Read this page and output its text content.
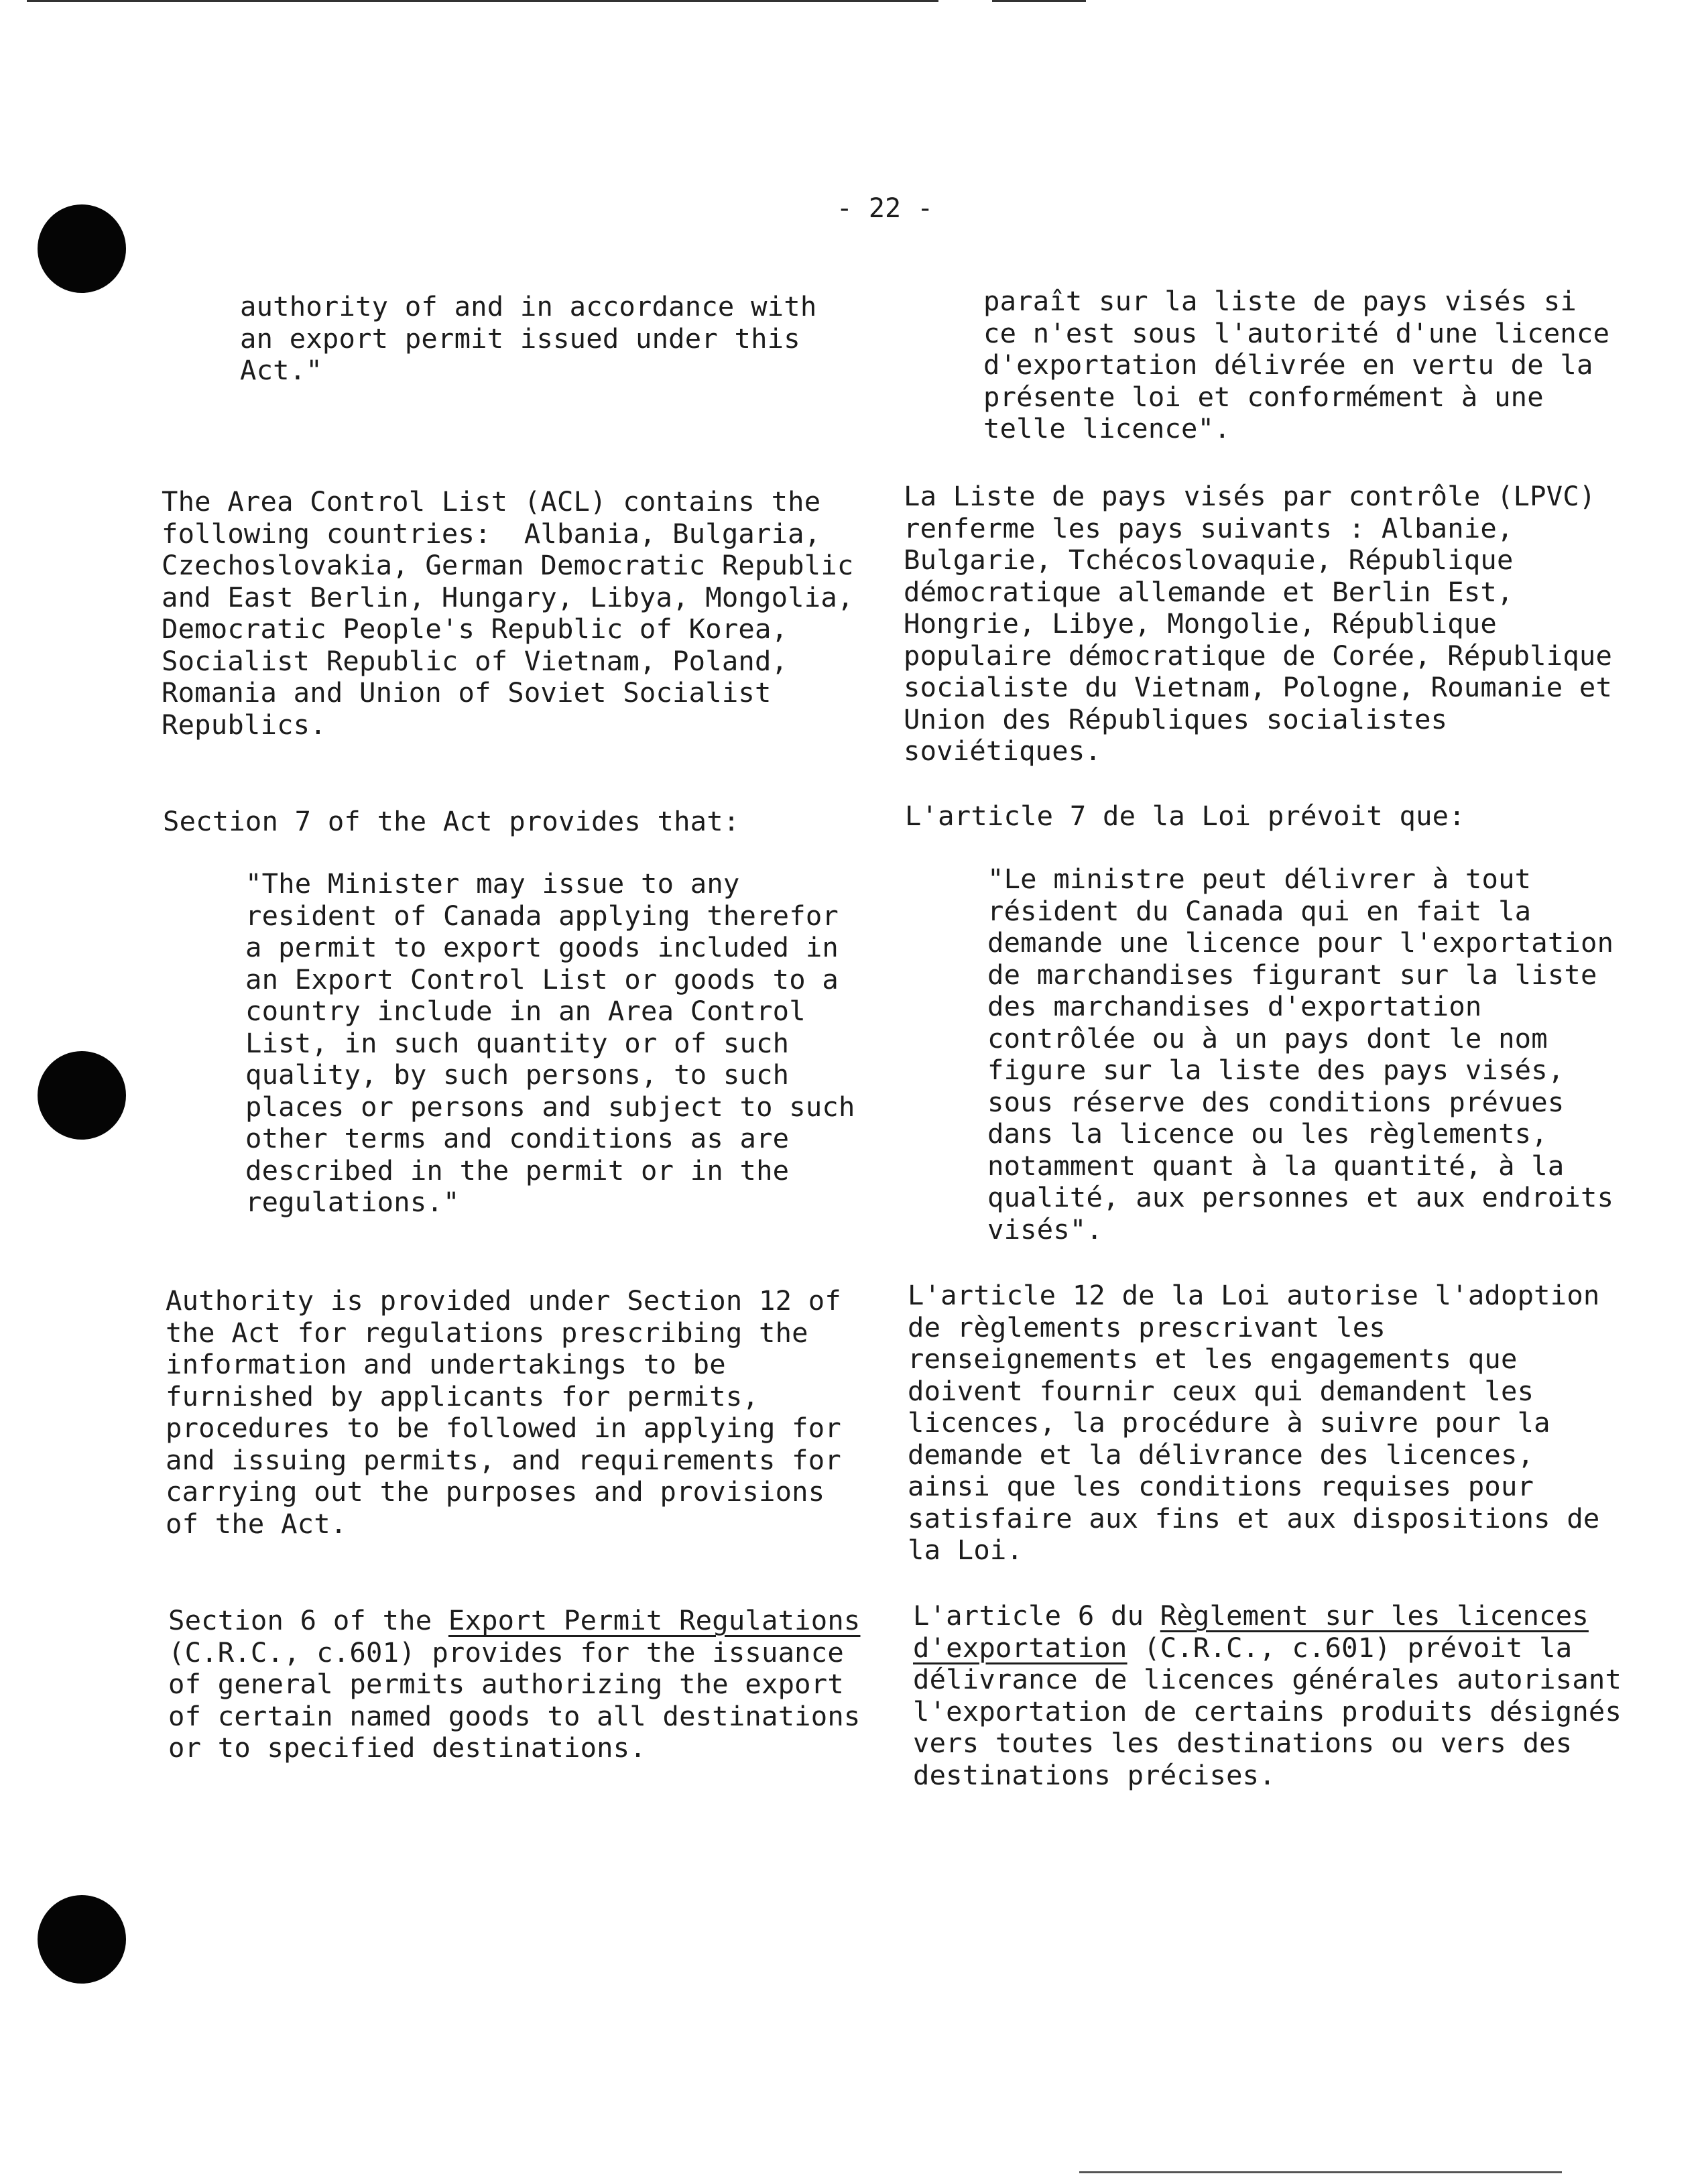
- 22 -

authority of and in accordance with
an export permit issued under this
Act."

The Area Control List (ACL) contains the
following countries:  Albania, Bulgaria,
Czechoslovakia, German Democratic Republic
and East Berlin, Hungary, Libya, Mongolia,
Democratic People's Republic of Korea,
Socialist Republic of Vietnam, Poland,
Romania and Union of Soviet Socialist
Republics.

Section 7 of the Act provides that:

"The Minister may issue to any
resident of Canada applying therefor
a permit to export goods included in
an Export Control List or goods to a
country include in an Area Control
List, in such quantity or of such
quality, by such persons, to such
places or persons and subject to such
other terms and conditions as are
described in the permit or in the
regulations."

Authority is provided under Section 12 of
the Act for regulations prescribing the
information and undertakings to be
furnished by applicants for permits,
procedures to be followed in applying for
and issuing permits, and requirements for
carrying out the purposes and provisions
of the Act.

Section 6 of the Export Permit Regulations
(C.R.C., c.601) provides for the issuance
of general permits authorizing the export
of certain named goods to all destinations
or to specified destinations.

paraît sur la liste de pays visés si
ce n'est sous l'autorité d'une licence
d'exportation délivrée en vertu de la
présente loi et conformément à une
telle licence".

La Liste de pays visés par contrôle (LPVC)
renferme les pays suivants : Albanie,
Bulgarie, Tchécoslovaquie, République
démocratique allemande et Berlin Est,
Hongrie, Libye, Mongolie, République
populaire démocratique de Corée, République
socialiste du Vietnam, Pologne, Roumanie et
Union des Républiques socialistes
soviétiques.

L'article 7 de la Loi prévoit que:

"Le ministre peut délivrer à tout
résident du Canada qui en fait la
demande une licence pour l'exportation
de marchandises figurant sur la liste
des marchandises d'exportation
contrôlée ou à un pays dont le nom
figure sur la liste des pays visés,
sous réserve des conditions prévues
dans la licence ou les règlements,
notamment quant à la quantité, à la
qualité, aux personnes et aux endroits
visés".

L'article 12 de la Loi autorise l'adoption
de règlements prescrivant les
renseignements et les engagements que
doivent fournir ceux qui demandent les
licences, la procédure à suivre pour la
demande et la délivrance des licences,
ainsi que les conditions requises pour
satisfaire aux fins et aux dispositions de
la Loi.

L'article 6 du Règlement sur les licences
d'exportation (C.R.C., c.601) prévoit la
délivrance de licences générales autorisant
l'exportation de certains produits désignés
vers toutes les destinations ou vers des
destinations précises.
